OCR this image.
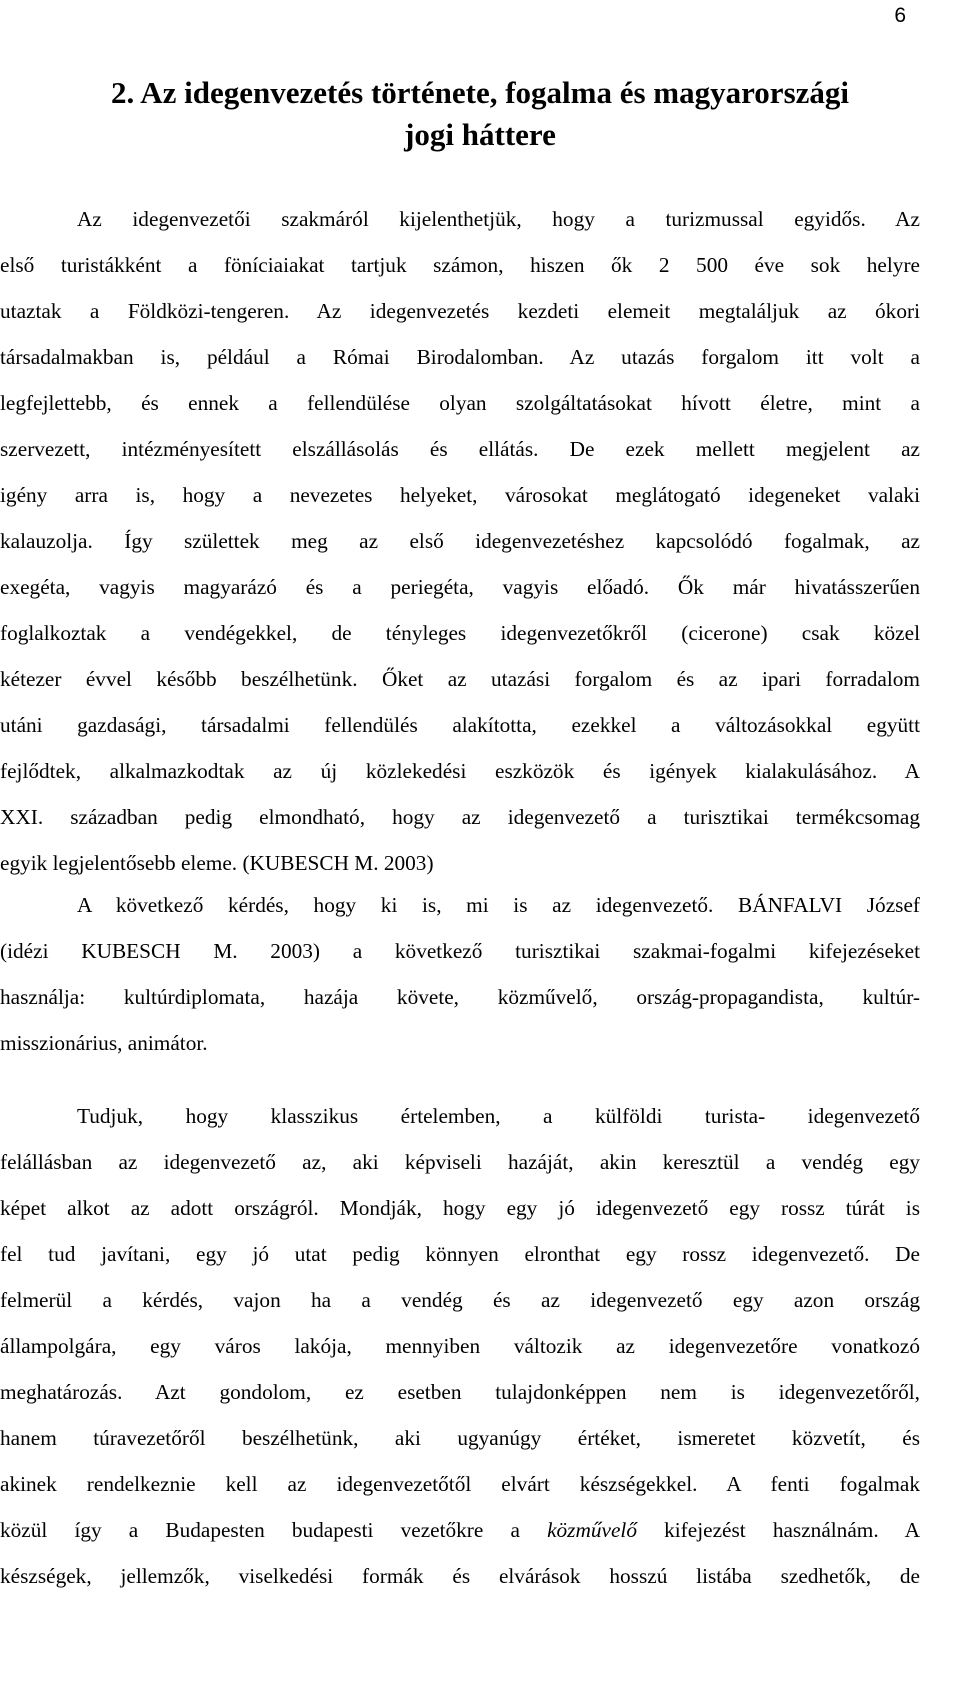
6
2. Az idegenvezetés története, fogalma és magyarországi
jogi háttere
Az idegenvezetői szakmáról kijelenthetjük, hogy a turizmussal egyidős. Az
első turistákként a föníciaiakat tartjuk számon, hiszen ők 2 500 éve sok helyre
utaztak a Földközi-tengeren. Az idegenvezetés kezdeti elemeit megtaláljuk az ókori
társadalmakban is, például a Római Birodalomban. Az utazás forgalom itt volt a
legfejlettebb, és ennek a fellendülése olyan szolgáltatásokat hívott életre, mint a
szervezett, intézményesített elszállásolás és ellátás. De ezek mellett megjelent az
igény arra is, hogy a nevezetes helyeket, városokat meglátogató idegeneket valaki
kalauzolja. Így születtek meg az első idegenvezetéshez kapcsolódó fogalmak, az
exegéta, vagyis magyarázó és a periegéta, vagyis előadó. Ők már hivatásszerűen
foglalkoztak a vendégekkel, de tényleges idegenvezetőkről (cicerone) csak közel
kétezer évvel később beszélhetünk. Őket az utazási forgalom és az ipari forradalom
utáni gazdasági, társadalmi fellendülés alakította, ezekkel a változásokkal együtt
fejlődtek, alkalmazkodtak az új közlekedési eszközök és igények kialakulásához. A
XXI. században pedig elmondható, hogy az idegenvezető a turisztikai termékcsomag
egyik legjelentősebb eleme. (KUBESCH M. 2003)
A következő kérdés, hogy ki is, mi is az idegenvezető. BÁNFALVI József
(idézi KUBESCH M. 2003) a következő turisztikai szakmai-fogalmi kifejezéseket
használja: kultúrdiplomata, hazája követe, közművelő, ország-propagandista, kultúr-
misszionárius, animátor.
Tudjuk, hogy klasszikus értelemben, a külföldi turista- idegenvezető
felállásban az idegenvezető az, aki képviseli hazáját, akin keresztül a vendég egy
képet alkot az adott országról. Mondják, hogy egy jó idegenvezető egy rossz túrát is
fel tud javítani, egy jó utat pedig könnyen elronthat egy rossz idegenvezető. De
felmerül a kérdés, vajon ha a vendég és az idegenvezető egy azon ország
állampolgára, egy város lakója, mennyiben változik az idegenvezetőre vonatkozó
meghatározás. Azt gondolom, ez esetben tulajdonképpen nem is idegenvezetőről,
hanem túravezetőről beszélhetünk, aki ugyanúgy értéket, ismeretet közvetít, és
akinek rendelkeznie kell az idegenvezetőtől elvárt készségekkel. A fenti fogalmak
közül így a Budapesten budapesti vezetőkre a közművelő kifejezést használnám. A
készségek, jellemzők, viselkedési formák és elvárások hosszú listába szedhetők, de
